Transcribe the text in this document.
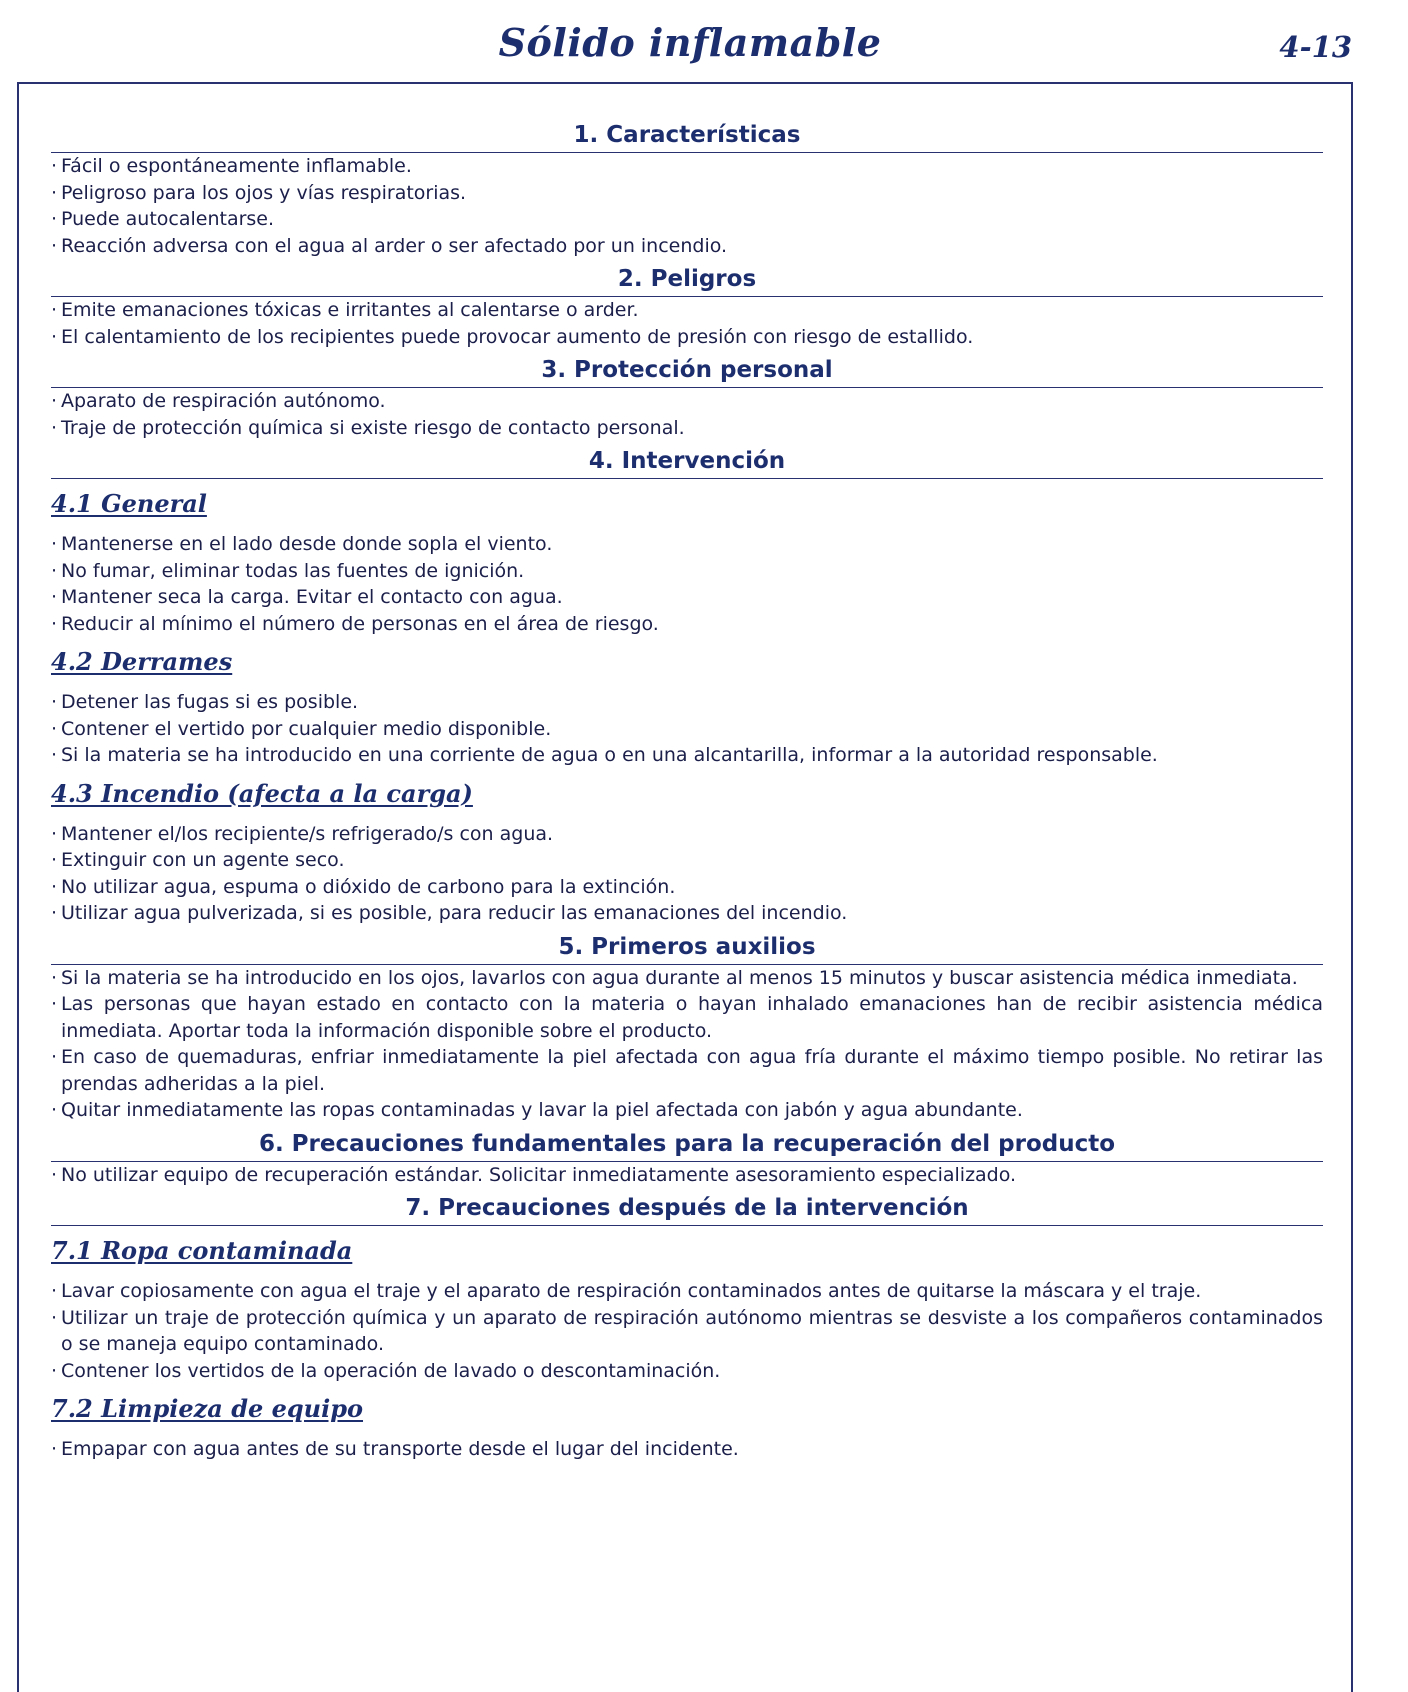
Sólido inflamable	4-13
1. Características
· Fácil o espontáneamente inflamable.
· Peligroso para los ojos y vías respiratorias.
· Puede autocalentarse.
· Reacción adversa con el agua al arder o ser afectado por un incendio.
2. Peligros
· Emite emanaciones tóxicas e irritantes al calentarse o arder.
· El calentamiento de los recipientes puede provocar aumento de presión con riesgo de estallido.
3. Protección personal
· Aparato de respiración autónomo.
· Traje de protección química si existe riesgo de contacto personal.
4. Intervención
4.1 General
· Mantenerse en el lado desde donde sopla el viento.
· No fumar, eliminar todas las fuentes de ignición.
· Mantener seca la carga. Evitar el contacto con agua.
· Reducir al mínimo el número de personas en el área de riesgo.
4.2 Derrames
· Detener las fugas si es posible.
· Contener el vertido por cualquier medio disponible.
· Si la materia se ha introducido en una corriente de agua o en una alcantarilla, informar a la autoridad responsable.
4.3 Incendio (afecta a la carga)
· Mantener el/los recipiente/s refrigerado/s con agua.
· Extinguir con un agente seco.
· No utilizar agua, espuma o dióxido de carbono para la extinción.
· Utilizar agua pulverizada, si es posible, para reducir las emanaciones del incendio.
5. Primeros auxilios
· Si la materia se ha introducido en los ojos, lavarlos con agua durante al menos 15 minutos y buscar asistencia médica inmediata.
· Las personas que hayan estado en contacto con la materia o hayan inhalado emanaciones han de recibir asistencia médica inmediata. Aportar toda la información disponible sobre el producto.
· En caso de quemaduras, enfriar inmediatamente la piel afectada con agua fría durante el máximo tiempo posible. No retirar las prendas adheridas a la piel.
· Quitar inmediatamente las ropas contaminadas y lavar la piel afectada con jabón y agua abundante.
6. Precauciones fundamentales para la recuperación del producto
· No utilizar equipo de recuperación estándar. Solicitar inmediatamente asesoramiento especializado.
7. Precauciones después de la intervención
7.1 Ropa contaminada
· Lavar copiosamente con agua el traje y el aparato de respiración contaminados antes de quitarse la máscara y el traje.
· Utilizar un traje de protección química y un aparato de respiración autónomo mientras se desviste a los compañeros contaminados o se maneja equipo contaminado.
· Contener los vertidos de la operación de lavado o descontaminación.
7.2 Limpieza de equipo
· Empapar con agua antes de su transporte desde el lugar del incidente.
